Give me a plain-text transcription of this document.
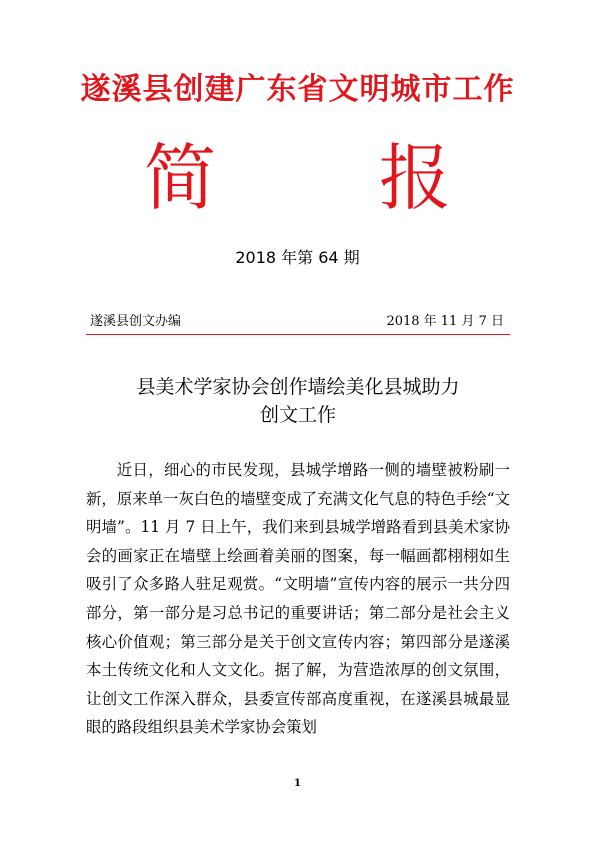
遂溪县创建广东省文明城市工作
简 报
2018 年第 64 期
遂溪县创文办编	2018 年 11 月 7 日
县美术学家协会创作墙绘美化县城助力
创文工作

近日，细心的市民发现，县城学增路一侧的墙壁被粉刷一新，原来单一灰白色的墙壁变成了充满文化气息的特色手绘“文明墙”。11 月 7 日上午，我们来到县城学增路看到县美术家协会的画家正在墙壁上绘画着美丽的图案，每一幅画都栩栩如生吸引了众多路人驻足观赏。“文明墙”宣传内容的展示一共分四部分，第一部分是习总书记的重要讲话；第二部分是社会主义核心价值观；第三部分是关于创文宣传内容；第四部分是遂溪本土传统文化和人文文化。据了解，为营造浓厚的创文氛围，让创文工作深入群众，县委宣传部高度重视，在遂溪县城最显眼的路段组织县美术学家协会策划

1
